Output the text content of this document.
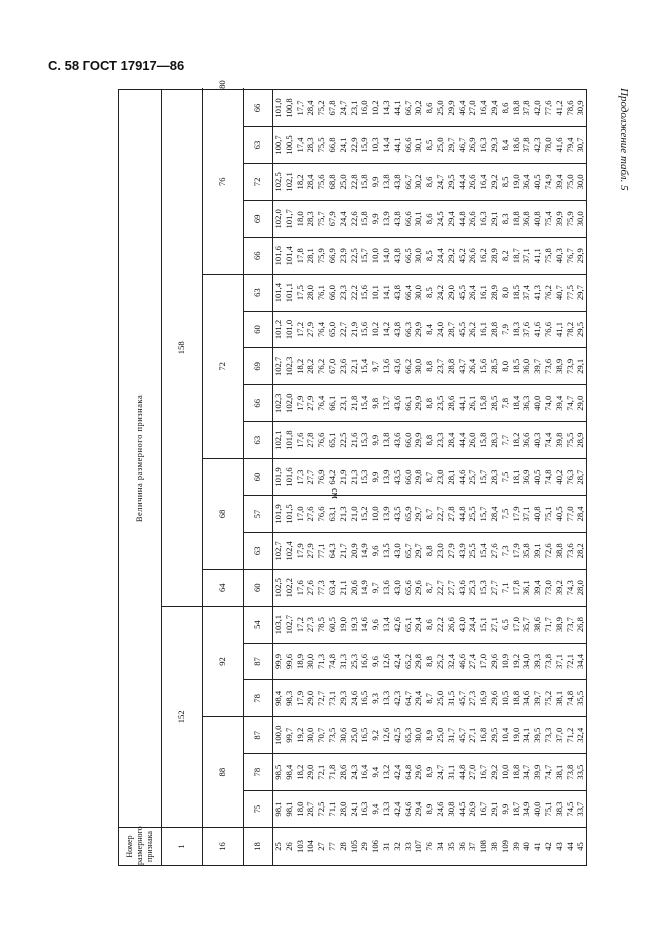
С. 58 ГОСТ 17917—86
Продолжение табл. 5
см
Номер размерного признака	Величина размерного признака																				
1	152						158														
16	88			92			64	68			72					76					80
18	75	78	87	78	87	54	60	63	57	60	63	66	69	60	63	66	69	72	63	66	
25	98,1	98,5	100,0	98,4	99,9	103,1	102,5	102,7	101,9	101,9	102,1	102,3	102,7	101,2	101,4	101,6	102,0	102,5	100,7	101,0	
26	98,1	98,4	99,7	98,3	99,6	102,7	102,2	102,4	101,5	101,6	101,8	102,0	102,3	101,0	101,1	101,4	101,7	102,1	100,5	100,8	
103	18,0	18,2	19,2	17,9	18,9	17,2	17,6	17,9	17,0	17,3	17,6	17,9	18,2	17,2	17,5	17,8	18,0	18,2	17,4	17,7	
104	28,7	29,0	30,0	29,0	30,0	27,3	27,6	27,9	27,6	27,7	27,8	27,9	28,2	27,9	28,0	28,1	28,3	28,4	28,3	28,4	
27	72,5	72,1	70,7	72,7	71,3	78,5	77,3	77,1	76,6	76,9	76,6	76,4	76,2	76,4	76,1	75,9	75,7	75,6	75,5	75,2	
77	71,1	71,8	73,5	73,1	74,8	60,5	63,4	64,3	63,1	64,2	65,1	66,1	67,0	65,0	66,0	66,9	67,9	68,8	66,8	67,8	
28	28,0	28,6	30,6	29,3	31,3	19,0	21,1	21,7	21,3	21,9	22,5	23,1	23,6	22,7	23,3	23,9	24,4	25,0	24,1	24,7	
105	24,1	24,3	25,0	24,6	25,3	19,3	20,6	20,9	21,0	21,3	21,6	21,8	22,1	21,9	22,2	22,5	22,6	22,8	22,9	23,1	
29	16,3	16,4	16,5	16,5	16,6	14,6	14,9	14,9	15,2	15,3	15,3	15,4	15,4	15,6	15,6	15,7	15,8	15,8	15,9	16,0	
106	9,4	9,4	9,2	9,3	9,6	9,6	9,7	9,6	10,0	9,9	9,9	9,8	9,7	10,2	10,1	10,0	9,9	9,9	10,3	10,2	
31	13,3	13,2	12,6	13,3	12,6	13,4	13,6	13,5	13,9	13,9	13,8	13,7	13,6	14,2	14,1	14,0	13,9	13,8	14,4	14,3	
32	42,4	42,4	42,5	42,3	42,4	42,6	43,0	43,0	43,5	43,5	43,6	43,6	43,6	43,8	43,8	43,8	43,8	43,8	44,1	44,1	
33	64,6	64,8	65,3	64,7	65,2	65,1	65,6	65,7	65,9	66,0	66,0	66,1	66,2	66,3	66,4	66,5	66,6	66,7	66,6	66,7	
107	29,4	29,6	30,0	29,4	29,8	29,4	29,6	29,7	29,7	29,8	29,9	29,9	30,0	29,9	30,0	30,0	30,1	30,2	30,1	30,2	
76	8,9	8,9	8,9	8,7	8,8	8,6	8,7	8,8	8,7	8,7	8,8	8,8	8,8	8,4	8,5	8,5	8,6	8,6	8,5	8,6	
34	24,6	24,7	25,0	25,0	25,2	22,2	22,7	23,0	22,7	23,0	23,3	23,5	23,7	24,0	24,2	24,4	24,5	24,7	25,0	25,0	
35	30,8	31,1	31,7	31,5	32,4	26,6	27,7	27,9	27,8	28,1	28,4	28,6	28,8	28,7	29,0	29,2	29,4	29,5	29,7	29,9	
36	44,5	44,8	45,7	45,7	46,6	43,0	43,6	43,9	44,8	44,6	44,4	44,1	43,7	45,5	45,5	45,2	44,8	44,4	46,7	46,4	
37	26,9	27,0	27,1	27,3	27,4	24,4	25,3	25,5	25,5	25,7	26,0	26,1	26,4	26,2	26,4	26,6	26,6	26,6	26,9	27,0	
108	16,7	16,7	16,8	16,9	17,0	15,1	15,3	15,4	15,7	15,7	15,8	15,8	15,6	16,1	16,1	16,2	16,3	16,4	16,3	16,4	
38	29,1	29,2	29,5	29,6	29,6	27,1	27,7	27,6	28,4	28,3	28,3	28,5	28,5	28,8	28,9	28,9	29,1	29,2	29,3	29,4	
109	9,9	10,0	10,4	10,5	10,9	6,5	7,1	7,3	7,5	7,5	7,7	7,8	8,0	7,9	8,0	8,2	8,3	8,5	8,4	8,6	
39	18,7	18,8	19,0	18,8	19,2	17,0	17,8	17,9	17,9	18,1	18,2	18,4	18,5	18,3	18,5	18,7	18,8	19,0	18,6	18,8	
40	34,9	34,7	34,1	34,6	34,0	35,7	36,1	35,8	37,1	36,9	36,6	36,3	36,0	37,6	37,4	37,1	36,8	36,4	37,8	37,8	
41	40,0	39,9	39,5	39,7	39,3	38,6	39,4	39,1	40,8	40,5	40,3	40,0	39,7	41,6	41,3	41,1	40,8	40,5	42,3	42,0	
42	75,1	74,7	73,3	75,2	73,8	71,7	73,0	72,6	75,1	74,8	74,4	74,0	73,6	76,6	76,2	75,8	75,4	74,9	78,0	77,6	
43	38,3	38,1	37,0	38,1	37,1	38,9	39,2	38,8	40,5	40,2	39,8	39,4	38,9	41,1	40,7	40,3	39,9	39,4	41,6	41,2	
44	74,5	73,8	71,2	74,8	72,1	73,7	74,3	73,6	77,0	76,3	75,5	74,7	73,9	78,2	77,5	76,7	75,9	75,0	79,4	78,6	
45	33,7	33,5	32,4	35,5	34,4	26,8	28,0	28,2	28,4	28,7	28,9	29,0	29,1	29,5	29,7	29,9	30,0	30,0	30,7	30,9	
